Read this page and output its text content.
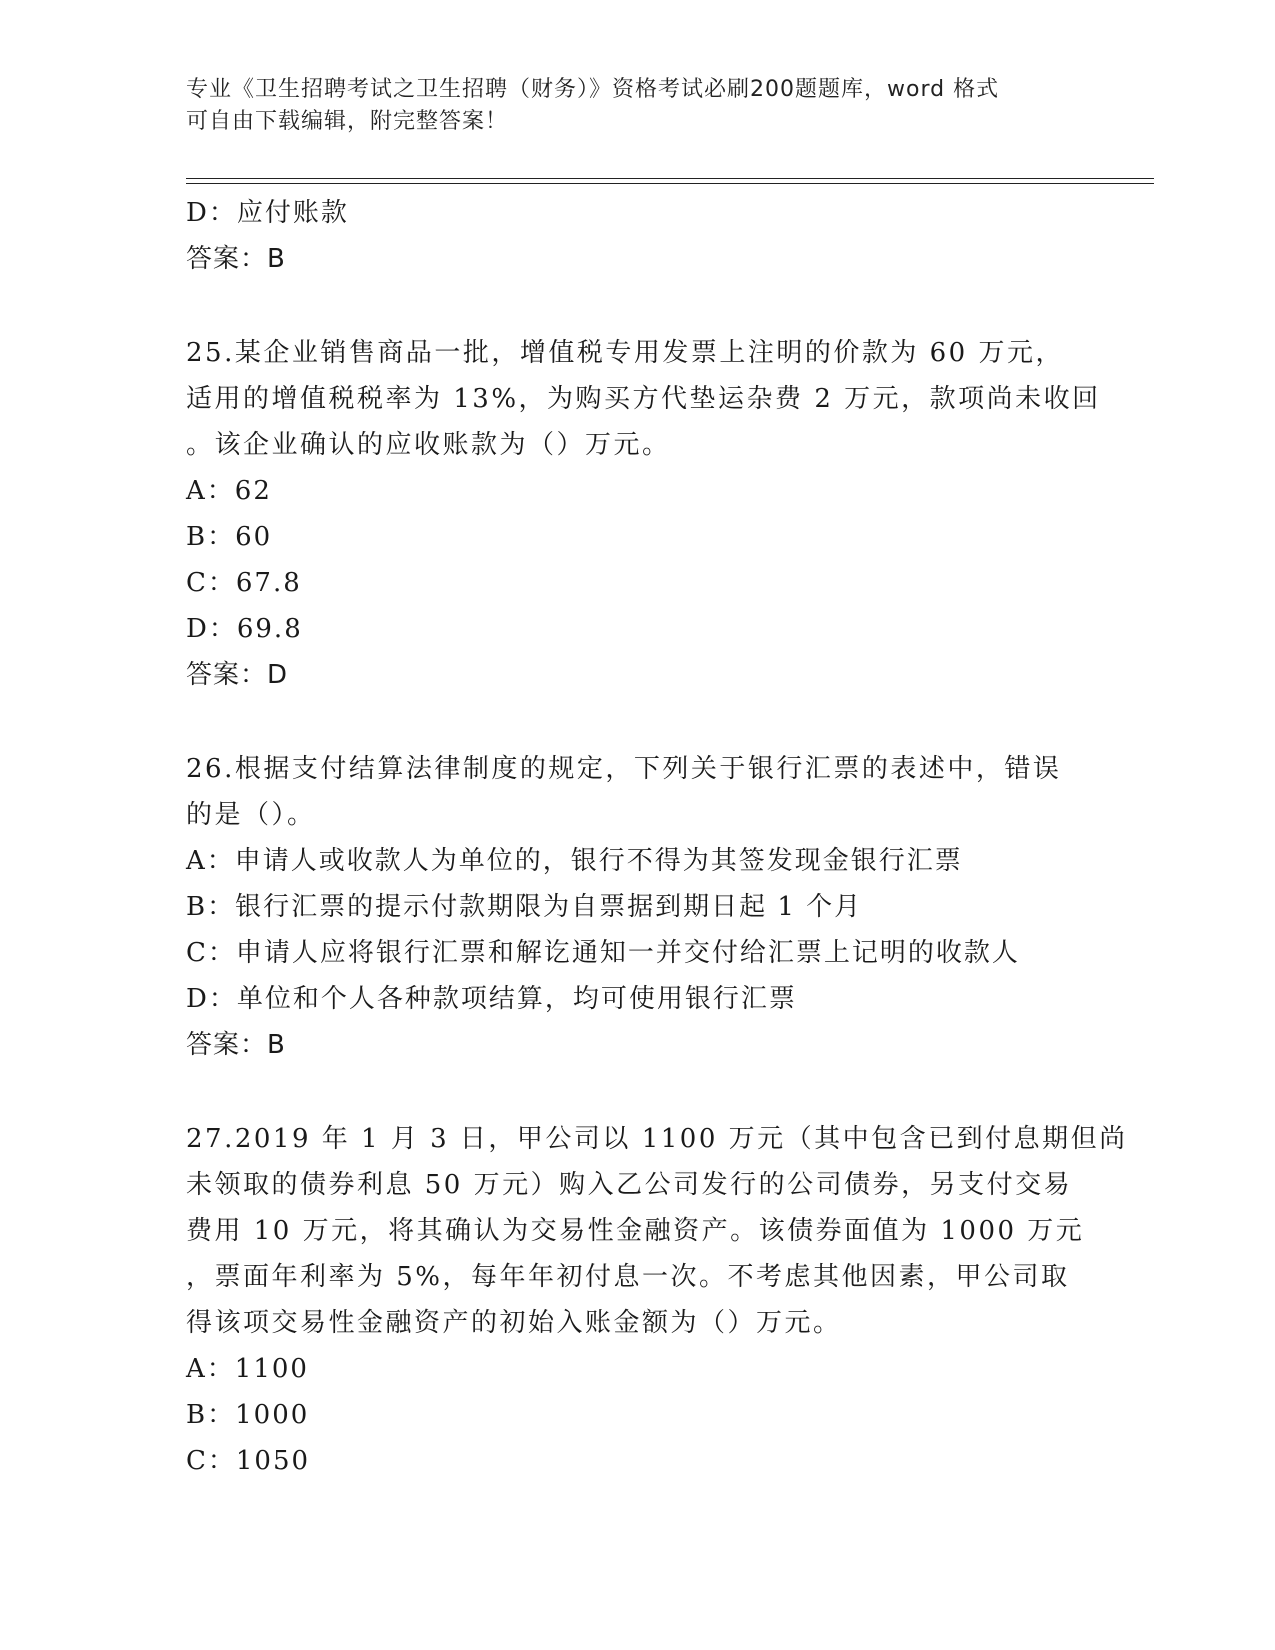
专业《卫生招聘考试之卫生招聘（财务）》资格考试必刷200题题库，word 格式
可自由下载编辑，附完整答案！
D：应付账款
答案：B
25.某企业销售商品一批，增值税专用发票上注明的价款为 60 万元，
适用的增值税税率为 13%，为购买方代垫运杂费 2 万元，款项尚未收回
。该企业确认的应收账款为（）万元。
A：62
B：60
C：67.8
D：69.8
答案：D
26.根据支付结算法律制度的规定，下列关于银行汇票的表述中，错误
的是（）。
A：申请人或收款人为单位的，银行不得为其签发现金银行汇票
B：银行汇票的提示付款期限为自票据到期日起 1 个月
C：申请人应将银行汇票和解讫通知一并交付给汇票上记明的收款人
D：单位和个人各种款项结算，均可使用银行汇票
答案：B
27.2019 年 1 月 3 日，甲公司以 1100 万元（其中包含已到付息期但尚
未领取的债券利息 50 万元）购入乙公司发行的公司债券，另支付交易
费用 10 万元，将其确认为交易性金融资产。该债券面值为 1000 万元
，票面年利率为 5%，每年年初付息一次。不考虑其他因素，甲公司取
得该项交易性金融资产的初始入账金额为（）万元。
A：1100
B：1000
C：1050
